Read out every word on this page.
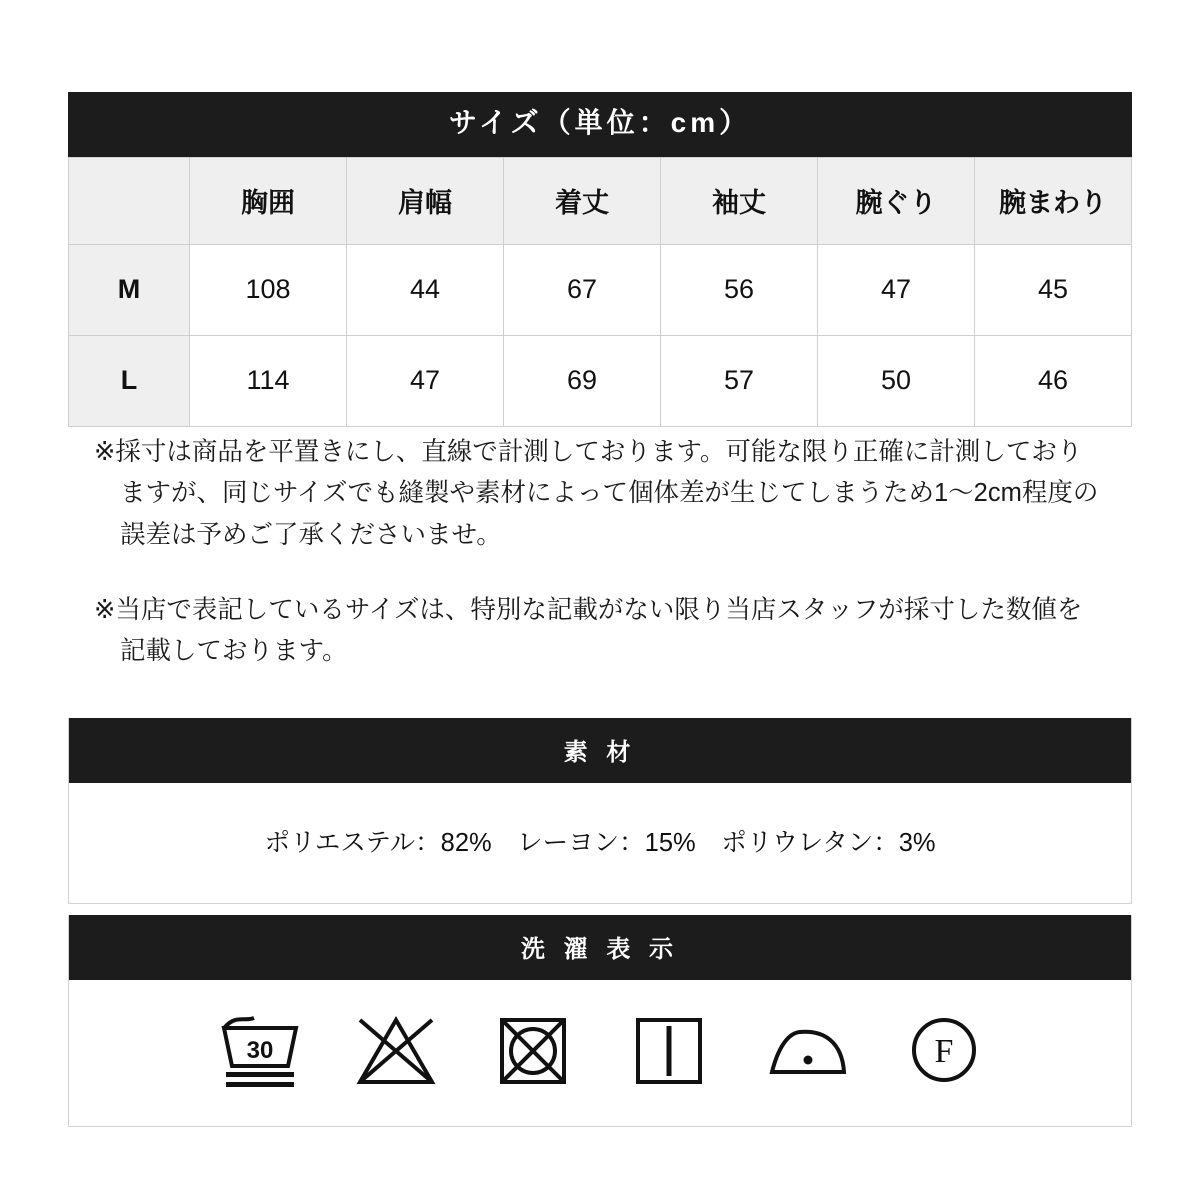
サイズ（単位：cm）
	胸囲	肩幅	着丈	袖丈	腕ぐり	腕まわり
M	108	44	67	56	47	45
L	114	47	69	57	50	46
※採寸は商品を平置きにし、直線で計測しております。可能な限り正確に計測しておりますが、同じサイズでも縫製や素材によって個体差が生じてしまうため1〜2cm程度の誤差は予めご了承くださいませ。
※当店で表記しているサイズは、特別な記載がない限り当店スタッフが採寸した数値を記載しております。
素 材
ポリエステル：82%　レーヨン：15%　ポリウレタン：3%
洗 濯 表 示
30	F
